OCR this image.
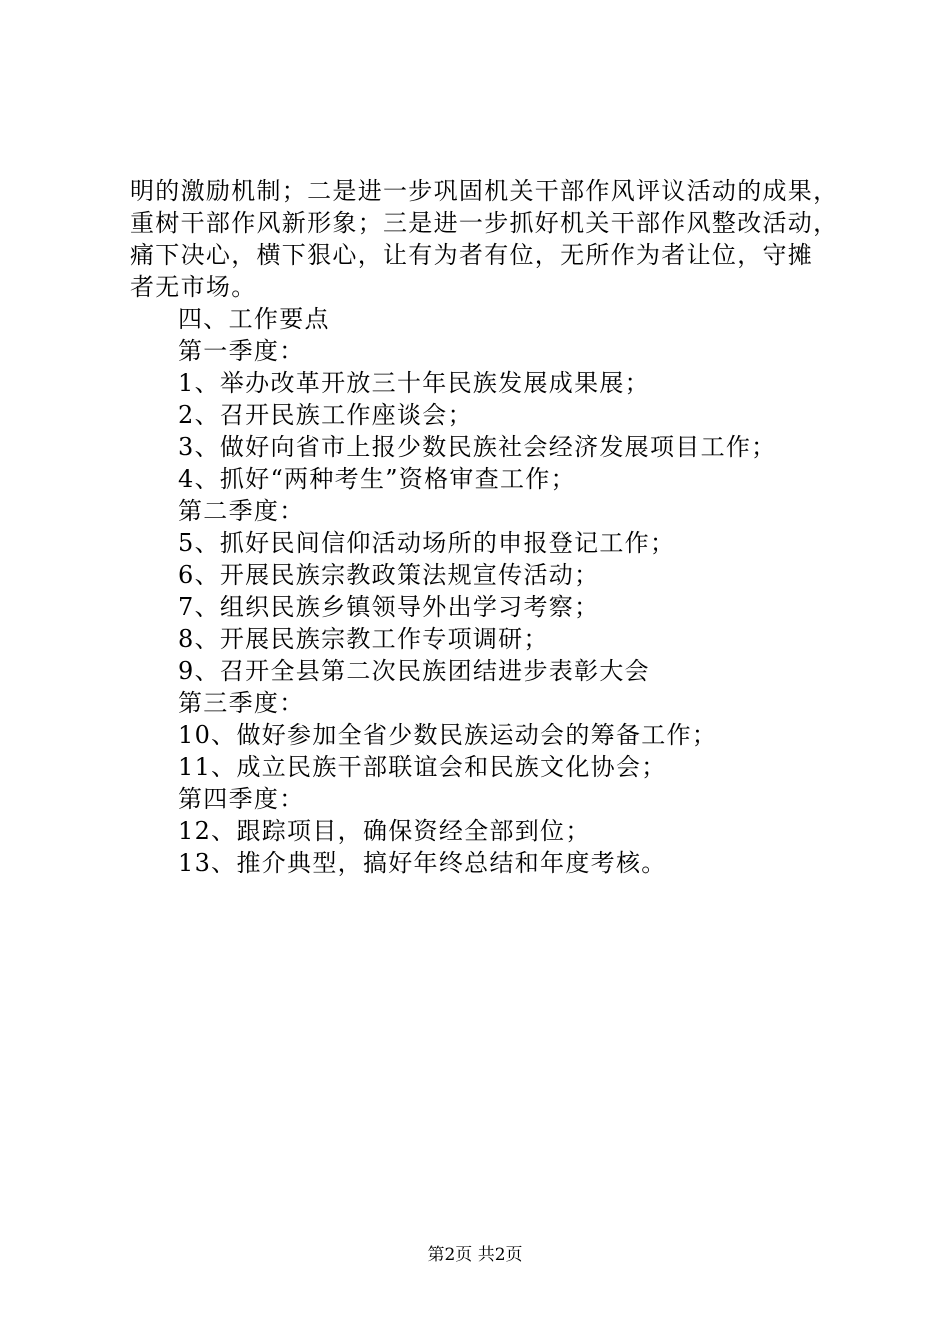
明的激励机制；二是进一步巩固机关干部作风评议活动的成果，
重树干部作风新形象；三是进一步抓好机关干部作风整改活动，
痛下决心，横下狠心，让有为者有位，无所作为者让位，守摊
者无市场。
四、工作要点
第一季度：
1、举办改革开放三十年民族发展成果展；
2、召开民族工作座谈会；
3、做好向省市上报少数民族社会经济发展项目工作；
4、抓好“两种考生”资格审查工作；
第二季度：
5、抓好民间信仰活动场所的申报登记工作；
6、开展民族宗教政策法规宣传活动；
7、组织民族乡镇领导外出学习考察；
8、开展民族宗教工作专项调研；
9、召开全县第二次民族团结进步表彰大会
第三季度：
10、做好参加全省少数民族运动会的筹备工作；
11、成立民族干部联谊会和民族文化协会；
第四季度：
12、跟踪项目，确保资经全部到位；
13、推介典型，搞好年终总结和年度考核。
第2页 共2页
